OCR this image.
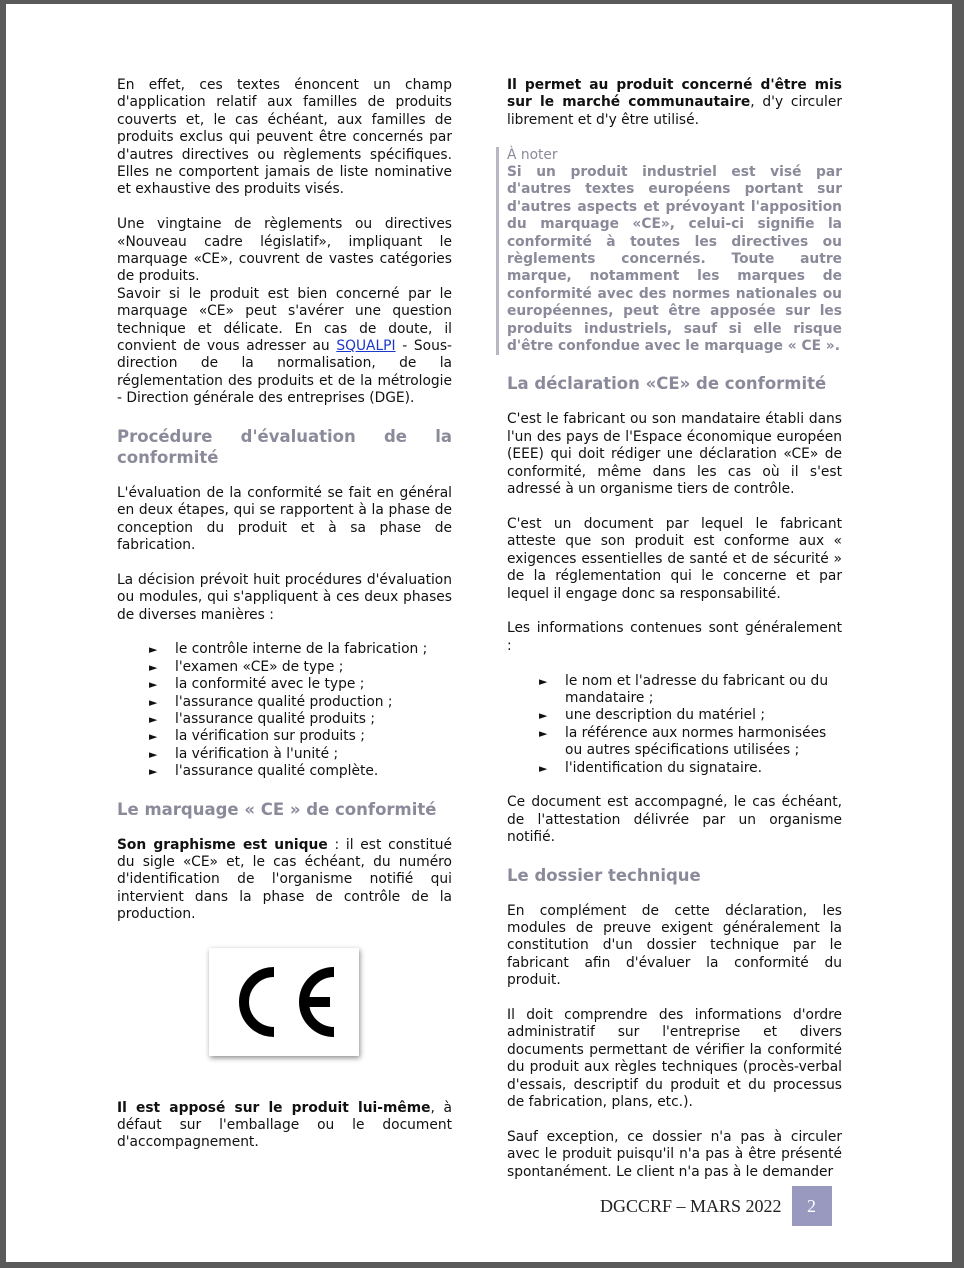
En effet, ces textes énoncent un champ d'application relatif aux familles de produits couverts et, le cas échéant, aux familles de produits exclus qui peuvent être concernés par d'autres directives ou règlements spécifiques. Elles ne comportent jamais de liste nominative et exhaustive des produits visés.

Une vingtaine de règlements ou directives «Nouveau cadre législatif», impliquant le marquage «CE», couvrent de vastes catégories de produits.

Savoir si le produit est bien concerné par le marquage «CE» peut s'avérer une question technique et délicate. En cas de doute, il convient de vous adresser au SQUALPI - Sous-direction de la normalisation, de la réglementation des produits et de la métrologie - Direction générale des entreprises (DGE).

Procédure d'évaluation de la conformité

L'évaluation de la conformité se fait en général en deux étapes, qui se rapportent à la phase de conception du produit et à sa phase de fabrication.

La décision prévoit huit procédures d'évaluation ou modules, qui s'appliquent à ces deux phases de diverses manières :

► le contrôle interne de la fabrication ;
► l'examen «CE» de type ;
► la conformité avec le type ;
► l'assurance qualité production ;
► l'assurance qualité produits ;
► la vérification sur produits ;
► la vérification à l'unité ;
► l'assurance qualité complète.
Le marquage « CE » de conformité

Son graphisme est unique : il est constitué du sigle «CE» et, le cas échéant, du numéro d'identification de l'organisme notifié qui intervient dans la phase de contrôle de la production.

Il est apposé sur le produit lui-même, à défaut sur l'emballage ou le document d'accompagnement.

Il permet au produit concerné d'être mis sur le marché communautaire, d'y circuler librement et d'y être utilisé.

À noter

Si un produit industriel est visé par d'autres textes européens portant sur d'autres aspects et prévoyant l'apposition du marquage «CE», celui-ci signifie la conformité à toutes les directives ou règlements concernés. Toute autre marque, notamment les marques de conformité avec des normes nationales ou européennes, peut être apposée sur les produits industriels, sauf si elle risque d'être confondue avec le marquage « CE ».

La déclaration «CE» de conformité

C'est le fabricant ou son mandataire établi dans l'un des pays de l'Espace économique européen (EEE) qui doit rédiger une déclaration «CE» de conformité, même dans les cas où il s'est adressé à un organisme tiers de contrôle.

C'est un document par lequel le fabricant atteste que son produit est conforme aux « exigences essentielles de santé et de sécurité » de la réglementation qui le concerne et par lequel il engage donc sa responsabilité.

Les informations contenues sont généralement :

► le nom et l'adresse du fabricant ou du mandataire ;
► une description du matériel ;
► la référence aux normes harmonisées ou autres spécifications utilisées ;
► l'identification du signataire.

Ce document est accompagné, le cas échéant, de l'attestation délivrée par un organisme notifié.

Le dossier technique

En complément de cette déclaration, les modules de preuve exigent généralement la constitution d'un dossier technique par le fabricant afin d'évaluer la conformité du produit.

Il doit comprendre des informations d'ordre administratif sur l'entreprise et divers documents permettant de vérifier la conformité du produit aux règles techniques (procès-verbal d'essais, descriptif du produit et du processus de fabrication, plans, etc.).

Sauf exception, ce dossier n'a pas à circuler avec le produit puisqu'il n'a pas à être présenté spontanément. Le client n'a pas à le demander

DGCCRF – MARS 2022	2
